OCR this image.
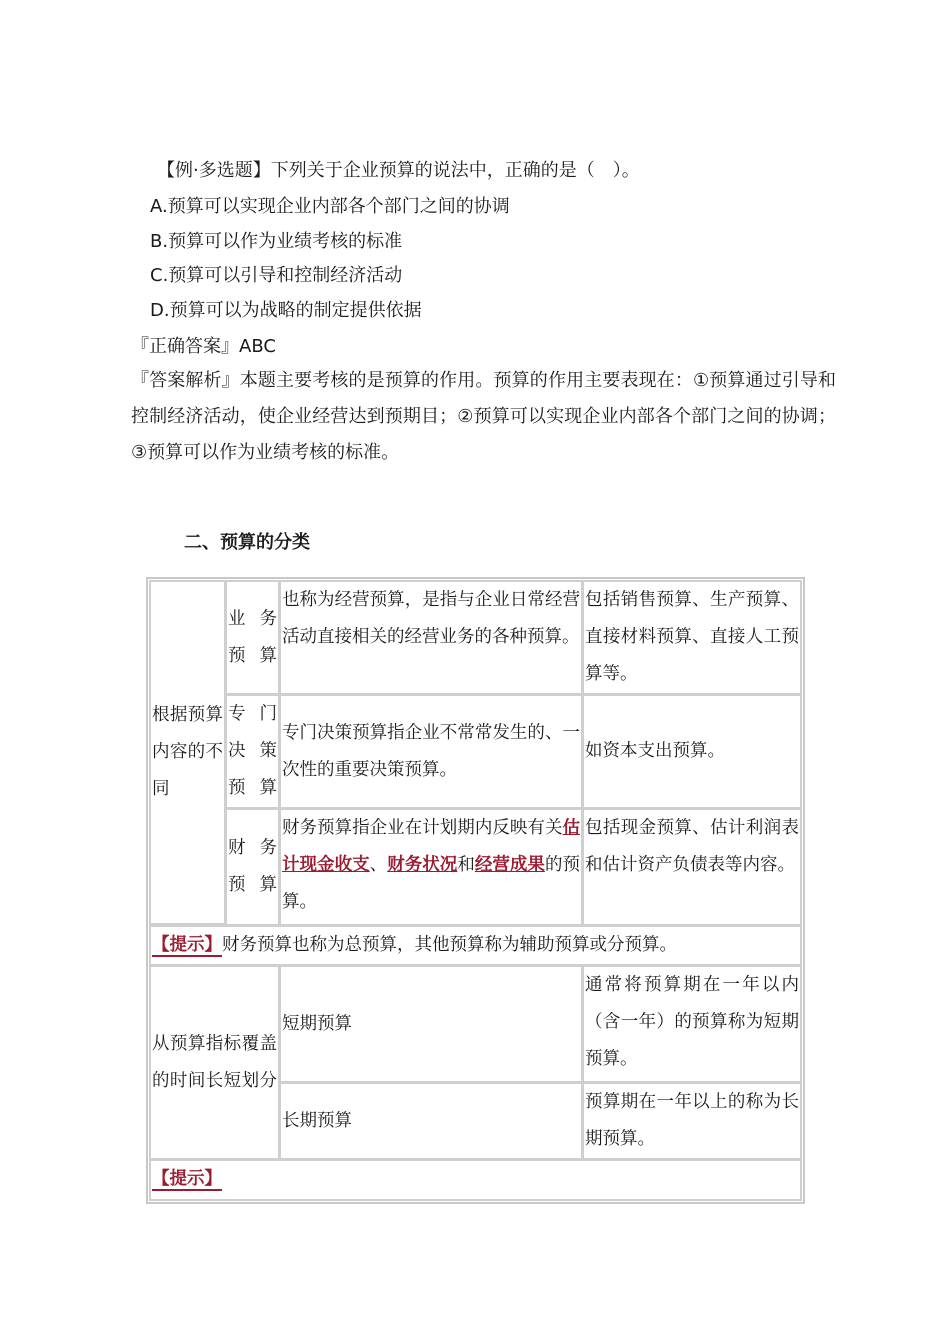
【例·多选题】下列关于企业预算的说法中，正确的是（　）。
A.预算可以实现企业内部各个部门之间的协调
B.预算可以作为业绩考核的标准
C.预算可以引导和控制经济活动
D.预算可以为战略的制定提供依据
『正确答案』ABC
『答案解析』本题主要考核的是预算的作用。预算的作用主要表现在：①预算通过引导和控制经济活动，使企业经营达到预期目；②预算可以实现企业内部各个部门之间的协调；③预算可以作为业绩考核的标准。
二、预算的分类
根据预算内容的不同
业务预算
也称为经营预算，是指与企业日常经营活动直接相关的经营业务的各种预算。
包括销售预算、生产预算、直接材料预算、直接人工预算等。
专门决策预算
专门决策预算指企业不常常发生的、一次性的重要决策预算。
如资本支出预算。
财务预算
财务预算指企业在计划期内反映有关估计现金收支、财务状况和经营成果的预算。
包括现金预算、估计利润表和估计资产负债表等内容。
【提示】财务预算也称为总预算，其他预算称为辅助预算或分预算。
从预算指标覆盖的时间长短划分
短期预算
通常将预算期在一年以内（含一年）的预算称为短期预算。
长期预算
预算期在一年以上的称为长期预算。
【提示】
